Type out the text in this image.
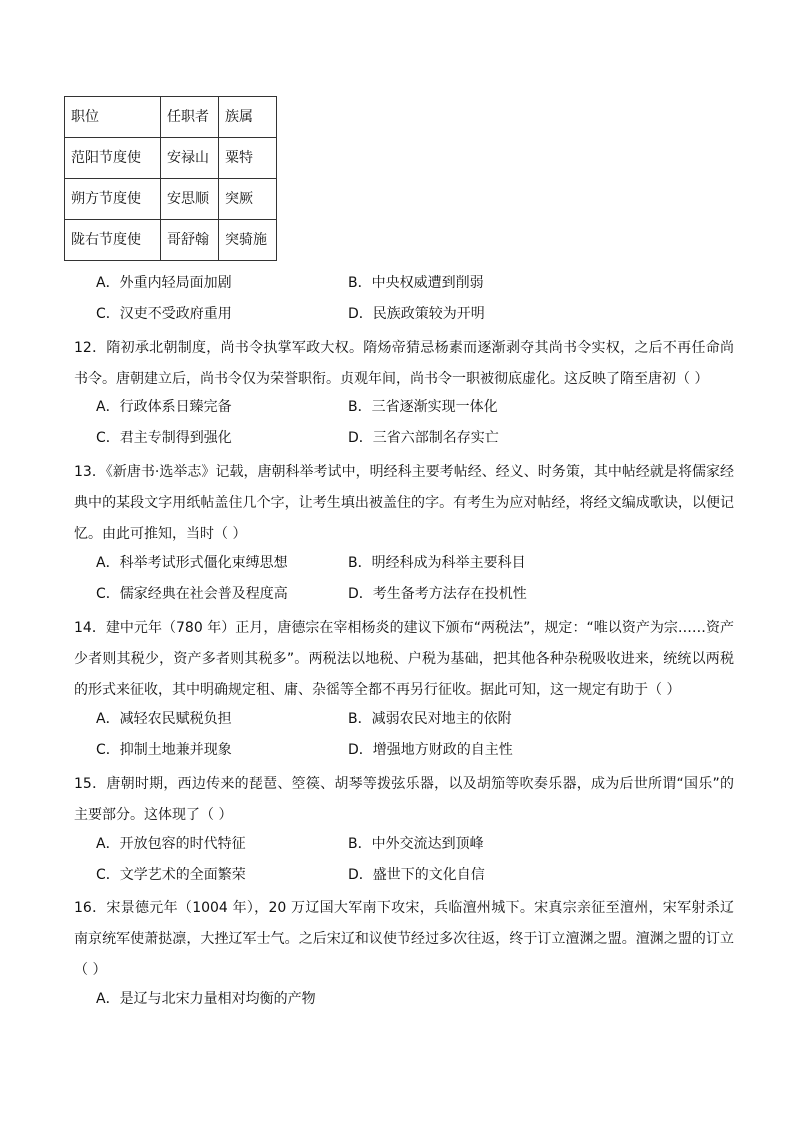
职位	任职者	族属
范阳节度使	安禄山	粟特
朔方节度使	安思顺	突厥
陇右节度使	哥舒翰	突骑施
A．外重内轻局面加剧	B．中央权威遭到削弱
C．汉吏不受政府重用	D．民族政策较为开明
12．隋初承北朝制度，尚书令执掌军政大权。隋炀帝猜忌杨素而逐渐剥夺其尚书令实权，之后不再任命尚书令。唐朝建立后，尚书令仅为荣誉职衔。贞观年间，尚书令一职被彻底虚化。这反映了隋至唐初（ ）
A．行政体系日臻完备	B．三省逐渐实现一体化
C．君主专制得到强化	D．三省六部制名存实亡
13．《新唐书·选举志》记载，唐朝科举考试中，明经科主要考帖经、经义、时务策，其中帖经就是将儒家经典中的某段文字用纸帖盖住几个字，让考生填出被盖住的字。有考生为应对帖经，将经文编成歌诀，以便记忆。由此可推知，当时（ ）
A．科举考试形式僵化束缚思想	B．明经科成为科举主要科目
C．儒家经典在社会普及程度高	D．考生备考方法存在投机性
14．建中元年（780 年）正月，唐德宗在宰相杨炎的建议下颁布“两税法”，规定：“唯以资产为宗……资产少者则其税少，资产多者则其税多”。两税法以地税、户税为基础，把其他各种杂税吸收进来，统统以两税的形式来征收，其中明确规定租、庸、杂徭等全都不再另行征收。据此可知，这一规定有助于（ ）
A．减轻农民赋税负担	B．减弱农民对地主的依附
C．抑制土地兼并现象	D．增强地方财政的自主性
15．唐朝时期，西边传来的琵琶、箜篌、胡琴等拨弦乐器，以及胡笳等吹奏乐器，成为后世所谓“国乐”的主要部分。这体现了（ ）
A．开放包容的时代特征	B．中外交流达到顶峰
C．文学艺术的全面繁荣	D．盛世下的文化自信
16．宋景德元年（1004 年），20 万辽国大军南下攻宋，兵临澶州城下。宋真宗亲征至澶州，宋军射杀辽南京统军使萧挞凛，大挫辽军士气。之后宋辽和议使节经过多次往返，终于订立澶渊之盟。澶渊之盟的订立（ ）
A．是辽与北宋力量相对均衡的产物
